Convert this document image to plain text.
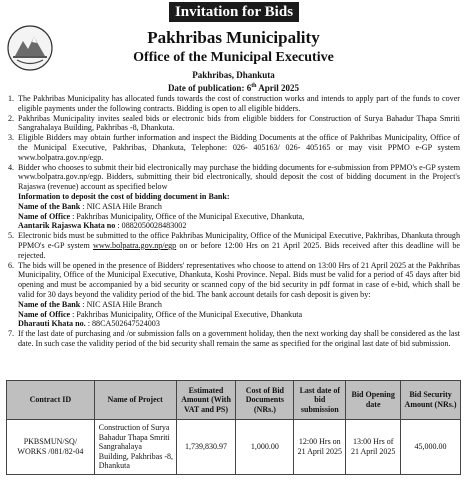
Invitation for Bids
Pakhribas Municipality
Office of the Municipal Executive
Pakhribas, Dhankuta
Date of publication: 6th April 2025
1. The Pakhribas Municipality has allocated funds towards the cost of construction works and intends to apply part of the funds to cover eligible payments under the following contracts. Bidding is open to all eligible bidders.
2. Pakhribas Municipality invites sealed bids or electronic bids from eligible bidders for Construction of Surya Bahadur Thapa Smriti Sangrahalaya Building, Pakhribas -8, Dhankuta.
3. Eligible Bidders may obtain further information and inspect the Bidding Documents at the office of Pakhribas Municipality, Office of the Municipal Executive, Pakhribas, Dhankuta, Telephone: 026- 405163/ 026- 405165 or may visit PPMO e-GP system www.bolpatra.gov.np/egp.
4. Bidder who chooses to submit their bid electronically may purchase the bidding documents for e-submission from PPMO's e-GP system www.bolpatra.gov.np/egp. Bidders, submitting their bid electronically, should deposit the cost of bidding document in the Project's Rajaswa (revenue) account as specified below
Information to deposit the cost of bidding document in Bank:
Name of the Bank : NIC ASIA Hile Branch
Name of Office : Pakhribas Municipality, Office of the Municipal Executive, Dhankuta,
Aantarik Rajaswa Khata no : 0882050028483002
5. Electronic bids must be submitted to the office Pakhribas Municipality, Office of the Municipal Executive, Pakhribas, Dhankuta through PPMO's e-GP system www.bolpatra.gov.np/egp on or before 12:00 Hrs on 21 April 2025. Bids received after this deadline will be rejected.
6. The bids will be opened in the presence of Bidders' representatives who choose to attend on 13:00 Hrs of 21 April 2025 at the Pakhribas Municipality, Office of the Municipal Executive, Dhankuta, Koshi Province. Nepal. Bids must be valid for a period of 45 days after bid opening and must be accompanied by a bid security or scanned copy of the bid security in pdf format in case of e-bid, which shall be valid for 30 days beyond the validity period of the bid. The bank account details for cash deposit is given by:
Name of the Bank : NIC ASIA Hile Branch
Name of Office : Pakhribas Municipality, Office of the Municipal Executive, Dhankuta
Dharauti Khata no. : 88CA502647524003
7. If the last date of purchasing and /or submission falls on a government holiday, then the next working day shall be considered as the last date. In such case the validity period of the bid security shall remain the same as specified for the original last date of bid submission.
Contract ID	Name of Project	Estimated Amount (With VAT and PS)	Cost of Bid Documents (NRs.)	Last date of bid submission	Bid Opening date	Bid Security Amount (NRs.)
PKBSMUN/SQ/ WORKS /081/82-04	Construction of Surya Bahadur Thapa Smriti Sangrahalaya Building, Pakhribas -8, Dhankuta	1,739,830.97	1,000.00	12:00 Hrs on 21 April 2025	13:00 Hrs of 21 April 2025	45,000.00
